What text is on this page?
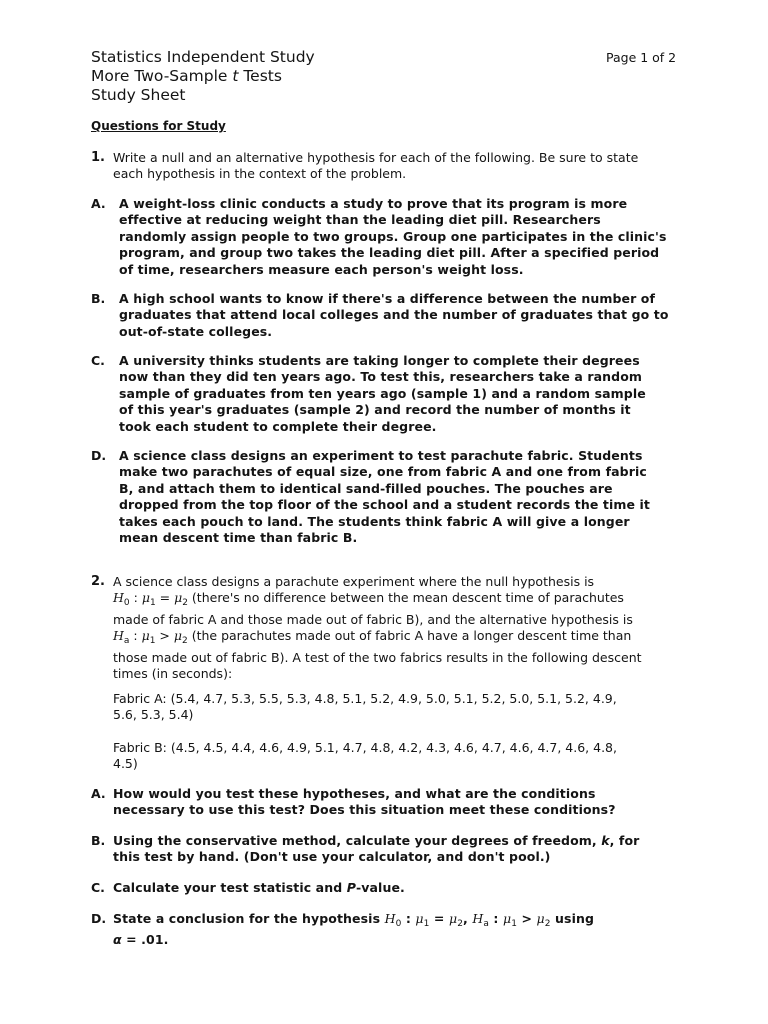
Statistics Independent Study
More Two-Sample t Tests
Study Sheet
Page 1 of 2
Questions for Study
1. Write a null and an alternative hypothesis for each of the following. Be sure to state
each hypothesis in the context of the problem.
A. A weight-loss clinic conducts a study to prove that its program is more
effective at reducing weight than the leading diet pill. Researchers
randomly assign people to two groups. Group one participates in the clinic's
program, and group two takes the leading diet pill. After a specified period
of time, researchers measure each person's weight loss.
B. A high school wants to know if there's a difference between the number of
graduates that attend local colleges and the number of graduates that go to
out-of-state colleges.
C. A university thinks students are taking longer to complete their degrees
now than they did ten years ago. To test this, researchers take a random
sample of graduates from ten years ago (sample 1) and a random sample
of this year's graduates (sample 2) and record the number of months it
took each student to complete their degree.
D. A science class designs an experiment to test parachute fabric. Students
make two parachutes of equal size, one from fabric A and one from fabric
B, and attach them to identical sand-filled pouches. The pouches are
dropped from the top floor of the school and a student records the time it
takes each pouch to land. The students think fabric A will give a longer
mean descent time than fabric B.
2. A science class designs a parachute experiment where the null hypothesis is
$H_0$ : $\mu_1 = \mu_2$ (there's no difference between the mean descent time of parachutes
made of fabric A and those made out of fabric B), and the alternative hypothesis is
$H_a$ : $\mu_1 > \mu_2$ (the parachutes made out of fabric A have a longer descent time than
those made out of fabric B). A test of the two fabrics results in the following descent
times (in seconds):
Fabric A: (5.4, 4.7, 5.3, 5.5, 5.3, 4.8, 5.1, 5.2, 4.9, 5.0, 5.1, 5.2, 5.0, 5.1, 5.2, 4.9,
5.6, 5.3, 5.4)
Fabric B: (4.5, 4.5, 4.4, 4.6, 4.9, 5.1, 4.7, 4.8, 4.2, 4.3, 4.6, 4.7, 4.6, 4.7, 4.6, 4.8,
4.5)
A. How would you test these hypotheses, and what are the conditions
necessary to use this test? Does this situation meet these conditions?
B. Using the conservative method, calculate your degrees of freedom, k, for
this test by hand. (Don't use your calculator, and don't pool.)
C. Calculate your test statistic and P-value.
D. State a conclusion for the hypothesis $H_0$ : $\mu_1 = \mu_2$, $H_a$ : $\mu_1 > \mu_2$ using
α = .01.
